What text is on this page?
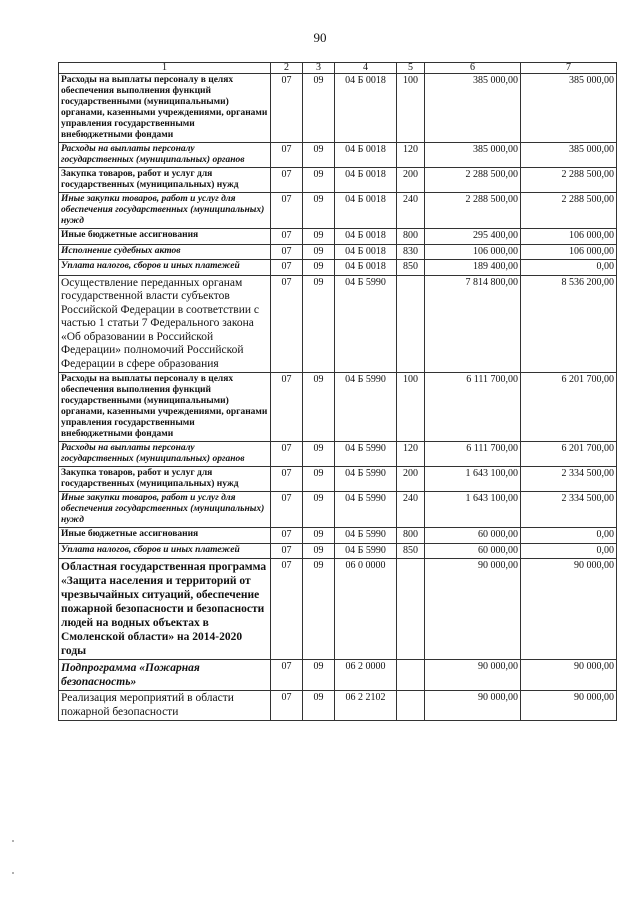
90
1	2	3	4	5	6	7
Расходы на выплаты персоналу в целях обеспечения выполнения функций государственными (муниципальными) органами, казенными учреждениями, органами управления государственными внебюджетными фондами	07	09	04 Б 0018	100	385 000,00	385 000,00
Расходы на выплаты персоналу государственных (муниципальных) органов	07	09	04 Б 0018	120	385 000,00	385 000,00
Закупка товаров, работ и услуг для государственных (муниципальных) нужд	07	09	04 Б 0018	200	2 288 500,00	2 288 500,00
Иные закупки товаров, работ и услуг для обеспечения государственных (муниципальных) нужд	07	09	04 Б 0018	240	2 288 500,00	2 288 500,00
Иные бюджетные ассигнования	07	09	04 Б 0018	800	295 400,00	106 000,00
Исполнение судебных актов	07	09	04 Б 0018	830	106 000,00	106 000,00
Уплата налогов, сборов и иных платежей	07	09	04 Б 0018	850	189 400,00	0,00
Осуществление переданных органам государственной власти субъектов Российской Федерации в соответствии с частью 1 статьи 7 Федерального закона «Об образовании в Российской Федерации» полномочий Российской Федерации в сфере образования	07	09	04 Б 5990		7 814 800,00	8 536 200,00
Расходы на выплаты персоналу в целях обеспечения выполнения функций государственными (муниципальными) органами, казенными учреждениями, органами управления государственными внебюджетными фондами	07	09	04 Б 5990	100	6 111 700,00	6 201 700,00
Расходы на выплаты персоналу государственных (муниципальных) органов	07	09	04 Б 5990	120	6 111 700,00	6 201 700,00
Закупка товаров, работ и услуг для государственных (муниципальных) нужд	07	09	04 Б 5990	200	1 643 100,00	2 334 500,00
Иные закупки товаров, работ и услуг для обеспечения государственных (муниципальных) нужд	07	09	04 Б 5990	240	1 643 100,00	2 334 500,00
Иные бюджетные ассигнования	07	09	04 Б 5990	800	60 000,00	0,00
Уплата налогов, сборов и иных платежей	07	09	04 Б 5990	850	60 000,00	0,00
Областная государственная программа «Защита населения и территорий от чрезвычайных ситуаций, обеспечение пожарной безопасности и безопасности людей на водных объектах в Смоленской области» на 2014-2020 годы	07	09	06 0 0000		90 000,00	90 000,00
Подпрограмма «Пожарная безопасность»	07	09	06 2 0000		90 000,00	90 000,00
Реализация мероприятий в области пожарной безопасности	07	09	06 2 2102		90 000,00	90 000,00
